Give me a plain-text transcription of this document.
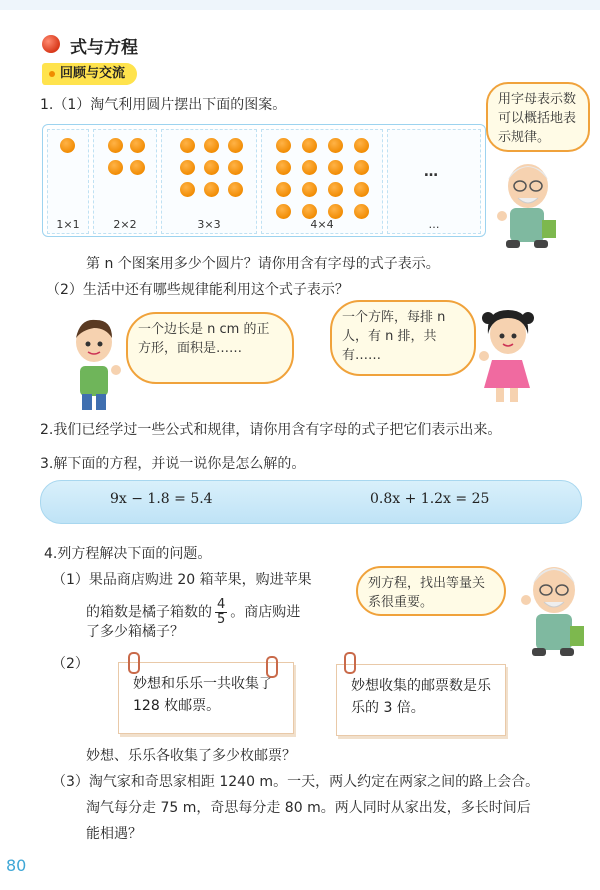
式与方程
回顾与交流
1.（1）淘气利用圆片摆出下面的图案。
1×1	2×2	3×3	4×4
…
…
用字母表示数可以概括地表示规律。
第 n 个图案用多少个圆片？请你用含有字母的式子表示。
（2）生活中还有哪些规律能利用这个式子表示？
一个边长是 n cm 的正方形，面积是……
一个方阵，每排 n 人，有 n 排，共有……
2.我们已经学过一些公式和规律，请你用含有字母的式子把它们表示出来。
3.解下面的方程，并说一说你是怎么解的。
9x − 1.8 = 5.4	0.8x + 1.2x = 25
4.列方程解决下面的问题。
（1）果品商店购进 20 箱苹果，购进苹果
的箱数是橘子箱数的 $\frac{4}{5}$ 。商店购进
了多少箱橘子？
列方程，找出等量关系很重要。
（2）
妙想和乐乐一共收集了 128 枚邮票。
妙想收集的邮票数是乐乐的 3 倍。
妙想、乐乐各收集了多少枚邮票？
（3）淘气家和奇思家相距 1240 m。一天，两人约定在两家之间的路上会合。
淘气每分走 75 m，奇思每分走 80 m。两人同时从家出发，多长时间后
能相遇？
80
